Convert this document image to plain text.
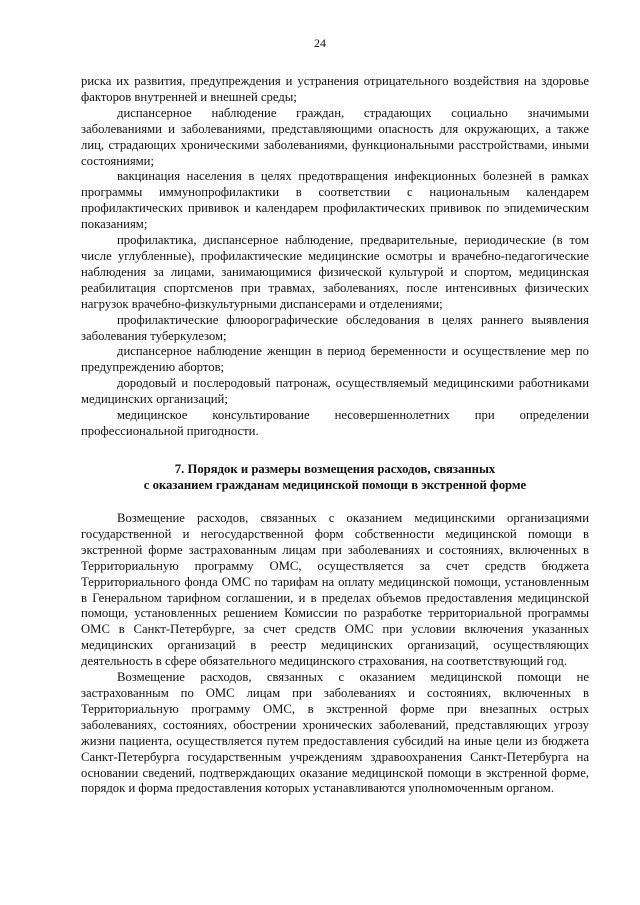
24

риска их развития, предупреждения и устранения отрицательного воздействия на здоровье факторов внутренней и внешней среды;

диспансерное наблюдение граждан, страдающих социально значимыми заболеваниями и заболеваниями, представляющими опасность для окружающих, а также лиц, страдающих хроническими заболеваниями, функциональными расстройствами, иными состояниями;

вакцинация населения в целях предотвращения инфекционных болезней в рамках программы иммунопрофилактики в соответствии с национальным календарем профилактических прививок и календарем профилактических прививок по эпидемическим показаниям;

профилактика, диспансерное наблюдение, предварительные, периодические (в том числе углубленные), профилактические медицинские осмотры и врачебно-педагогические наблюдения за лицами, занимающимися физической культурой и спортом, медицинская реабилитация спортсменов при травмах, заболеваниях, после интенсивных физических нагрузок врачебно-физкультурными диспансерами и отделениями;

профилактические флюорографические обследования в целях раннего выявления заболевания туберкулезом;

диспансерное наблюдение женщин в период беременности и осуществление мер по предупреждению абортов;

дородовый и послеродовый патронаж, осуществляемый медицинскими работниками медицинских организаций;

медицинское консультирование несовершеннолетних при определении профессиональной пригодности.

7. Порядок и размеры возмещения расходов, связанных
с оказанием гражданам медицинской помощи в экстренной форме

Возмещение расходов, связанных с оказанием медицинскими организациями государственной и негосударственной форм собственности медицинской помощи в экстренной форме застрахованным лицам при заболеваниях и состояниях, включенных в Территориальную программу ОМС, осуществляется за счет средств бюджета Территориального фонда ОМС по тарифам на оплату медицинской помощи, установленным в Генеральном тарифном соглашении, и в пределах объемов предоставления медицинской помощи, установленных решением Комиссии по разработке территориальной программы ОМС в Санкт-Петербурге, за счет средств ОМС при условии включения указанных медицинских организаций в реестр медицинских организаций, осуществляющих деятельность в сфере обязательного медицинского страхования, на соответствующий год.

Возмещение расходов, связанных с оказанием медицинской помощи не застрахованным по ОМС лицам при заболеваниях и состояниях, включенных в Территориальную программу ОМС, в экстренной форме при внезапных острых заболеваниях, состояниях, обострении хронических заболеваний, представляющих угрозу жизни пациента, осуществляется путем предоставления субсидий на иные цели из бюджета Санкт-Петербурга государственным учреждениям здравоохранения Санкт-Петербурга на основании сведений, подтверждающих оказание медицинской помощи в экстренной форме, порядок и форма предоставления которых устанавливаются уполномоченным органом.
